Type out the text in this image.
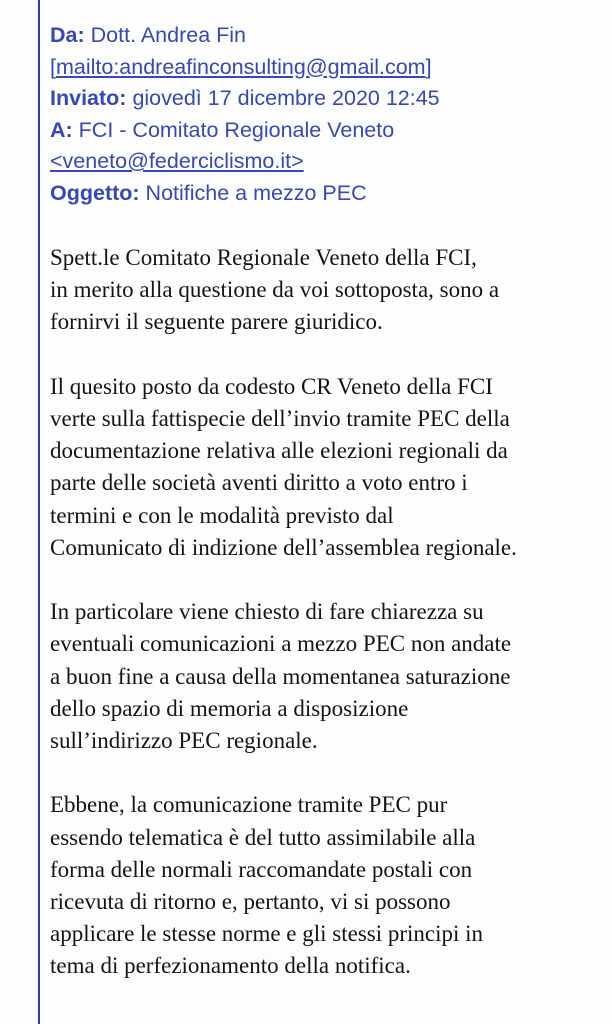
Da: Dott. Andrea Fin
[mailto:andreafinconsulting@gmail.com]
Inviato: giovedì 17 dicembre 2020 12:45
A: FCI - Comitato Regionale Veneto
<veneto@federciclismo.it>
Oggetto: Notifiche a mezzo PEC

Spett.le Comitato Regionale Veneto della FCI,
in merito alla questione da voi sottoposta, sono a
fornirvi il seguente parere giuridico.

Il quesito posto da codesto CR Veneto della FCI
verte sulla fattispecie dell’invio tramite PEC della
documentazione relativa alle elezioni regionali da
parte delle società aventi diritto a voto entro i
termini e con le modalità previsto dal
Comunicato di indizione dell’assemblea regionale.

In particolare viene chiesto di fare chiarezza su
eventuali comunicazioni a mezzo PEC non andate
a buon fine a causa della momentanea saturazione
dello spazio di memoria a disposizione
sull’indirizzo PEC regionale.

Ebbene, la comunicazione tramite PEC pur
essendo telematica è del tutto assimilabile alla
forma delle normali raccomandate postali con
ricevuta di ritorno e, pertanto, vi si possono
applicare le stesse norme e gli stessi principi in
tema di perfezionamento della notifica.
